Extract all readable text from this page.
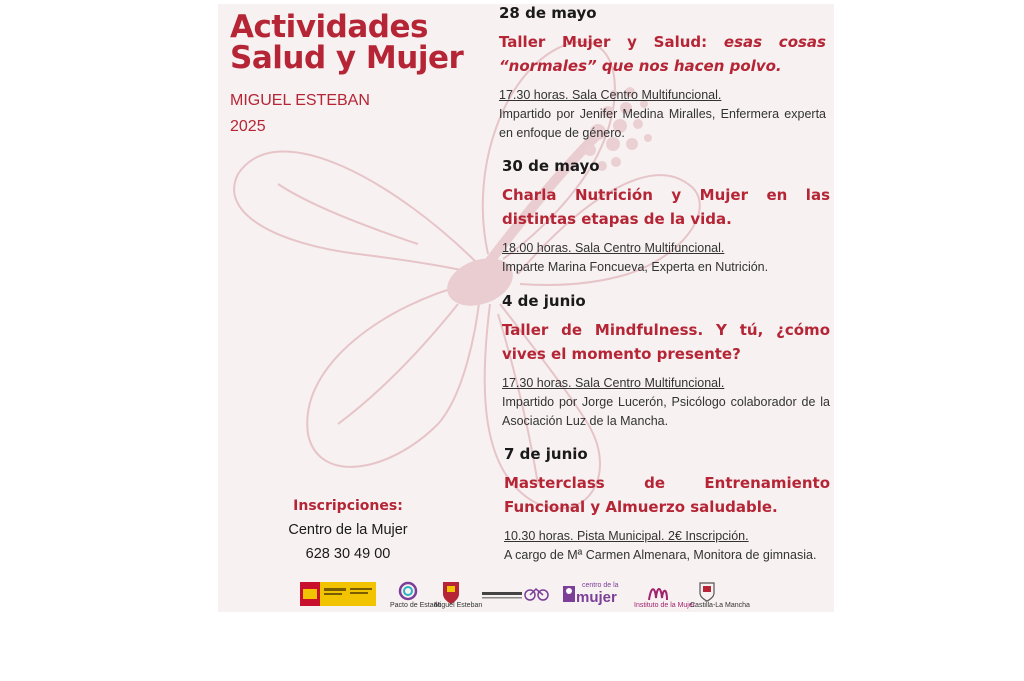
Actividades
Salud y Mujer
MIGUEL ESTEBAN
2025

28 de mayo

Taller Mujer y Salud: esas cosas “normales” que nos hacen polvo.

17.30 horas. Sala Centro Multifuncional.

Impartido por Jenifer Medina Miralles, Enfermera experta en enfoque de género.

30 de mayo

Charla Nutrición y Mujer en las distintas etapas de la vida.

18.00 horas. Sala Centro Multifuncional.

Imparte Marina Foncueva, Experta en Nutrición.

4 de junio

Taller de Mindfulness. Y tú, ¿cómo vives el momento presente?

17.30 horas. Sala Centro Multifuncional.

Impartido por Jorge Lucerón, Psicólogo colaborador de la Asociación Luz de la Mancha.

7 de junio

Masterclass de Entrenamiento Funcional y Almuerzo saludable.

10.30 horas. Pista Municipal. 2€ Inscripción.

A cargo de Mª Carmen Almenara, Monitora de gimnasia.

Inscripciones:
Centro de la Mujer
628 30 49 00
Pacto de Estado
Miguel Esteban
centro de la
mujer Instituto de la Mujer
Castilla-La Mancha
